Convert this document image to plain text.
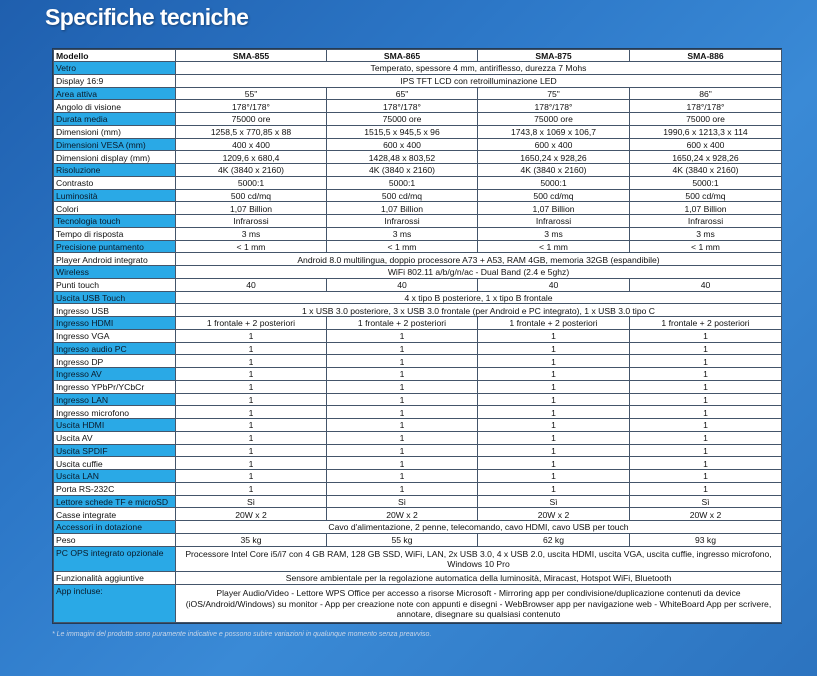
Specifiche tecniche
Modello	SMA-855	SMA-865	SMA-875	SMA-886
Vetro	Temperato, spessore 4 mm, antiriflesso, durezza 7 Mohs			
Display 16:9	IPS TFT LCD con retroilluminazione LED			
Area attiva	55"	65"	75"	86"
Angolo di visione	178°/178°	178°/178°	178°/178°	178°/178°
Durata media	75000 ore	75000 ore	75000 ore	75000 ore
Dimensioni (mm)	1258,5 x 770,85 x 88	1515,5 x 945,5 x 96	1743,8 x 1069 x 106,7	1990,6 x 1213,3 x 114
Dimensioni VESA (mm)	400 x 400	600 x 400	600 x 400	600 x 400
Dimensioni display (mm)	1209,6 x 680,4	1428,48 x 803,52	1650,24 x 928,26	1650,24 x 928,26
Risoluzione	4K (3840 x 2160)	4K (3840 x 2160)	4K (3840 x 2160)	4K (3840 x 2160)
Contrasto	5000:1	5000:1	5000:1	5000:1
Luminosità	500 cd/mq	500 cd/mq	500 cd/mq	500 cd/mq
Colori	1,07 Billion	1,07 Billion	1,07 Billion	1,07 Billion
Tecnologia touch	Infrarossi	Infrarossi	Infrarossi	Infrarossi
Tempo di risposta	3 ms	3 ms	3 ms	3 ms
Precisione puntamento	< 1 mm	< 1 mm	< 1 mm	< 1 mm
Player Android integrato	Android 8.0 multilingua, doppio processore A73 + A53, RAM 4GB, memoria 32GB (espandibile)			
Wireless	WiFi 802.11 a/b/g/n/ac - Dual Band (2.4 e 5ghz)			
Punti touch	40	40	40	40
Uscita USB Touch	4 x tipo B posteriore, 1 x tipo B frontale			
Ingresso USB	1 x USB 3.0 posteriore, 3 x USB 3.0 frontale (per Android e PC integrato), 1 x USB 3.0 tipo C			
Ingresso HDMI	1 frontale + 2 posteriori	1 frontale + 2 posteriori	1 frontale + 2 posteriori	1 frontale + 2 posteriori
Ingresso VGA	1	1	1	1
Ingresso audio PC	1	1	1	1
Ingresso DP	1	1	1	1
Ingresso AV	1	1	1	1
Ingresso YPbPr/YCbCr	1	1	1	1
Ingresso LAN	1	1	1	1
Ingresso microfono	1	1	1	1
Uscita HDMI	1	1	1	1
Uscita AV	1	1	1	1
Uscita SPDIF	1	1	1	1
Uscita cuffie	1	1	1	1
Uscita LAN	1	1	1	1
Porta RS-232C	1	1	1	1
Lettore schede TF e microSD	Sì	Sì	Sì	Sì
Casse integrate	20W x 2	20W x 2	20W x 2	20W x 2
Accessori in dotazione	Cavo d'alimentazione, 2 penne, telecomando, cavo HDMI, cavo USB per touch			
Peso	35 kg	55 kg	62 kg	93 kg
PC OPS integrato opzionale	Processore Intel Core i5/i7 con 4 GB RAM, 128 GB SSD, WiFi, LAN, 2x USB 3.0, 4 x USB 2.0, uscita HDMI, uscita VGA, uscita cuffie, ingresso microfono, Windows 10 Pro			
Funzionalità aggiuntive	Sensore ambientale per la regolazione automatica della luminosità, Miracast, Hotspot WiFi, Bluetooth			
App incluse:	Player Audio/Video - Lettore WPS Office per accesso a risorse Microsoft - Mirroring app per condivisione/duplicazione contenuti da device (iOS/Android/Windows) su monitor - App per creazione note con appunti e disegni - WebBrowser app per navigazione web - WhiteBoard App per scrivere, annotare, disegnare su qualsiasi contenuto			
* Le immagini del prodotto sono puramente indicative e possono subire variazioni in qualunque momento senza preavviso.
